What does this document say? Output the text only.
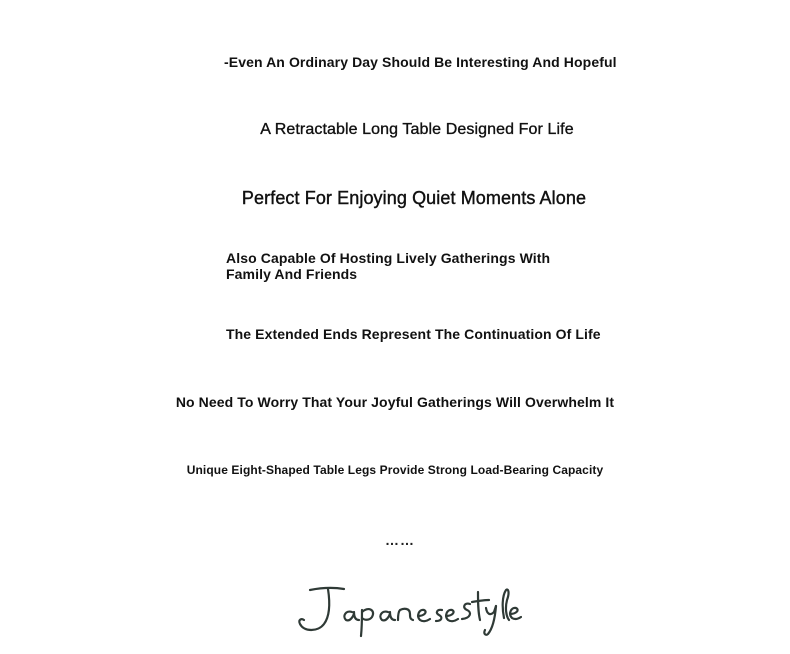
-Even An Ordinary Day Should Be Interesting And Hopeful

A Retractable Long Table Designed For Life

Perfect For Enjoying Quiet Moments Alone

Also Capable Of Hosting Lively Gatherings With Family And Friends

The Extended Ends Represent The Continuation Of Life

No Need To Worry That Your Joyful Gatherings Will Overwhelm It

Unique Eight-Shaped Table Legs Provide Strong Load-Bearing Capacity

……
